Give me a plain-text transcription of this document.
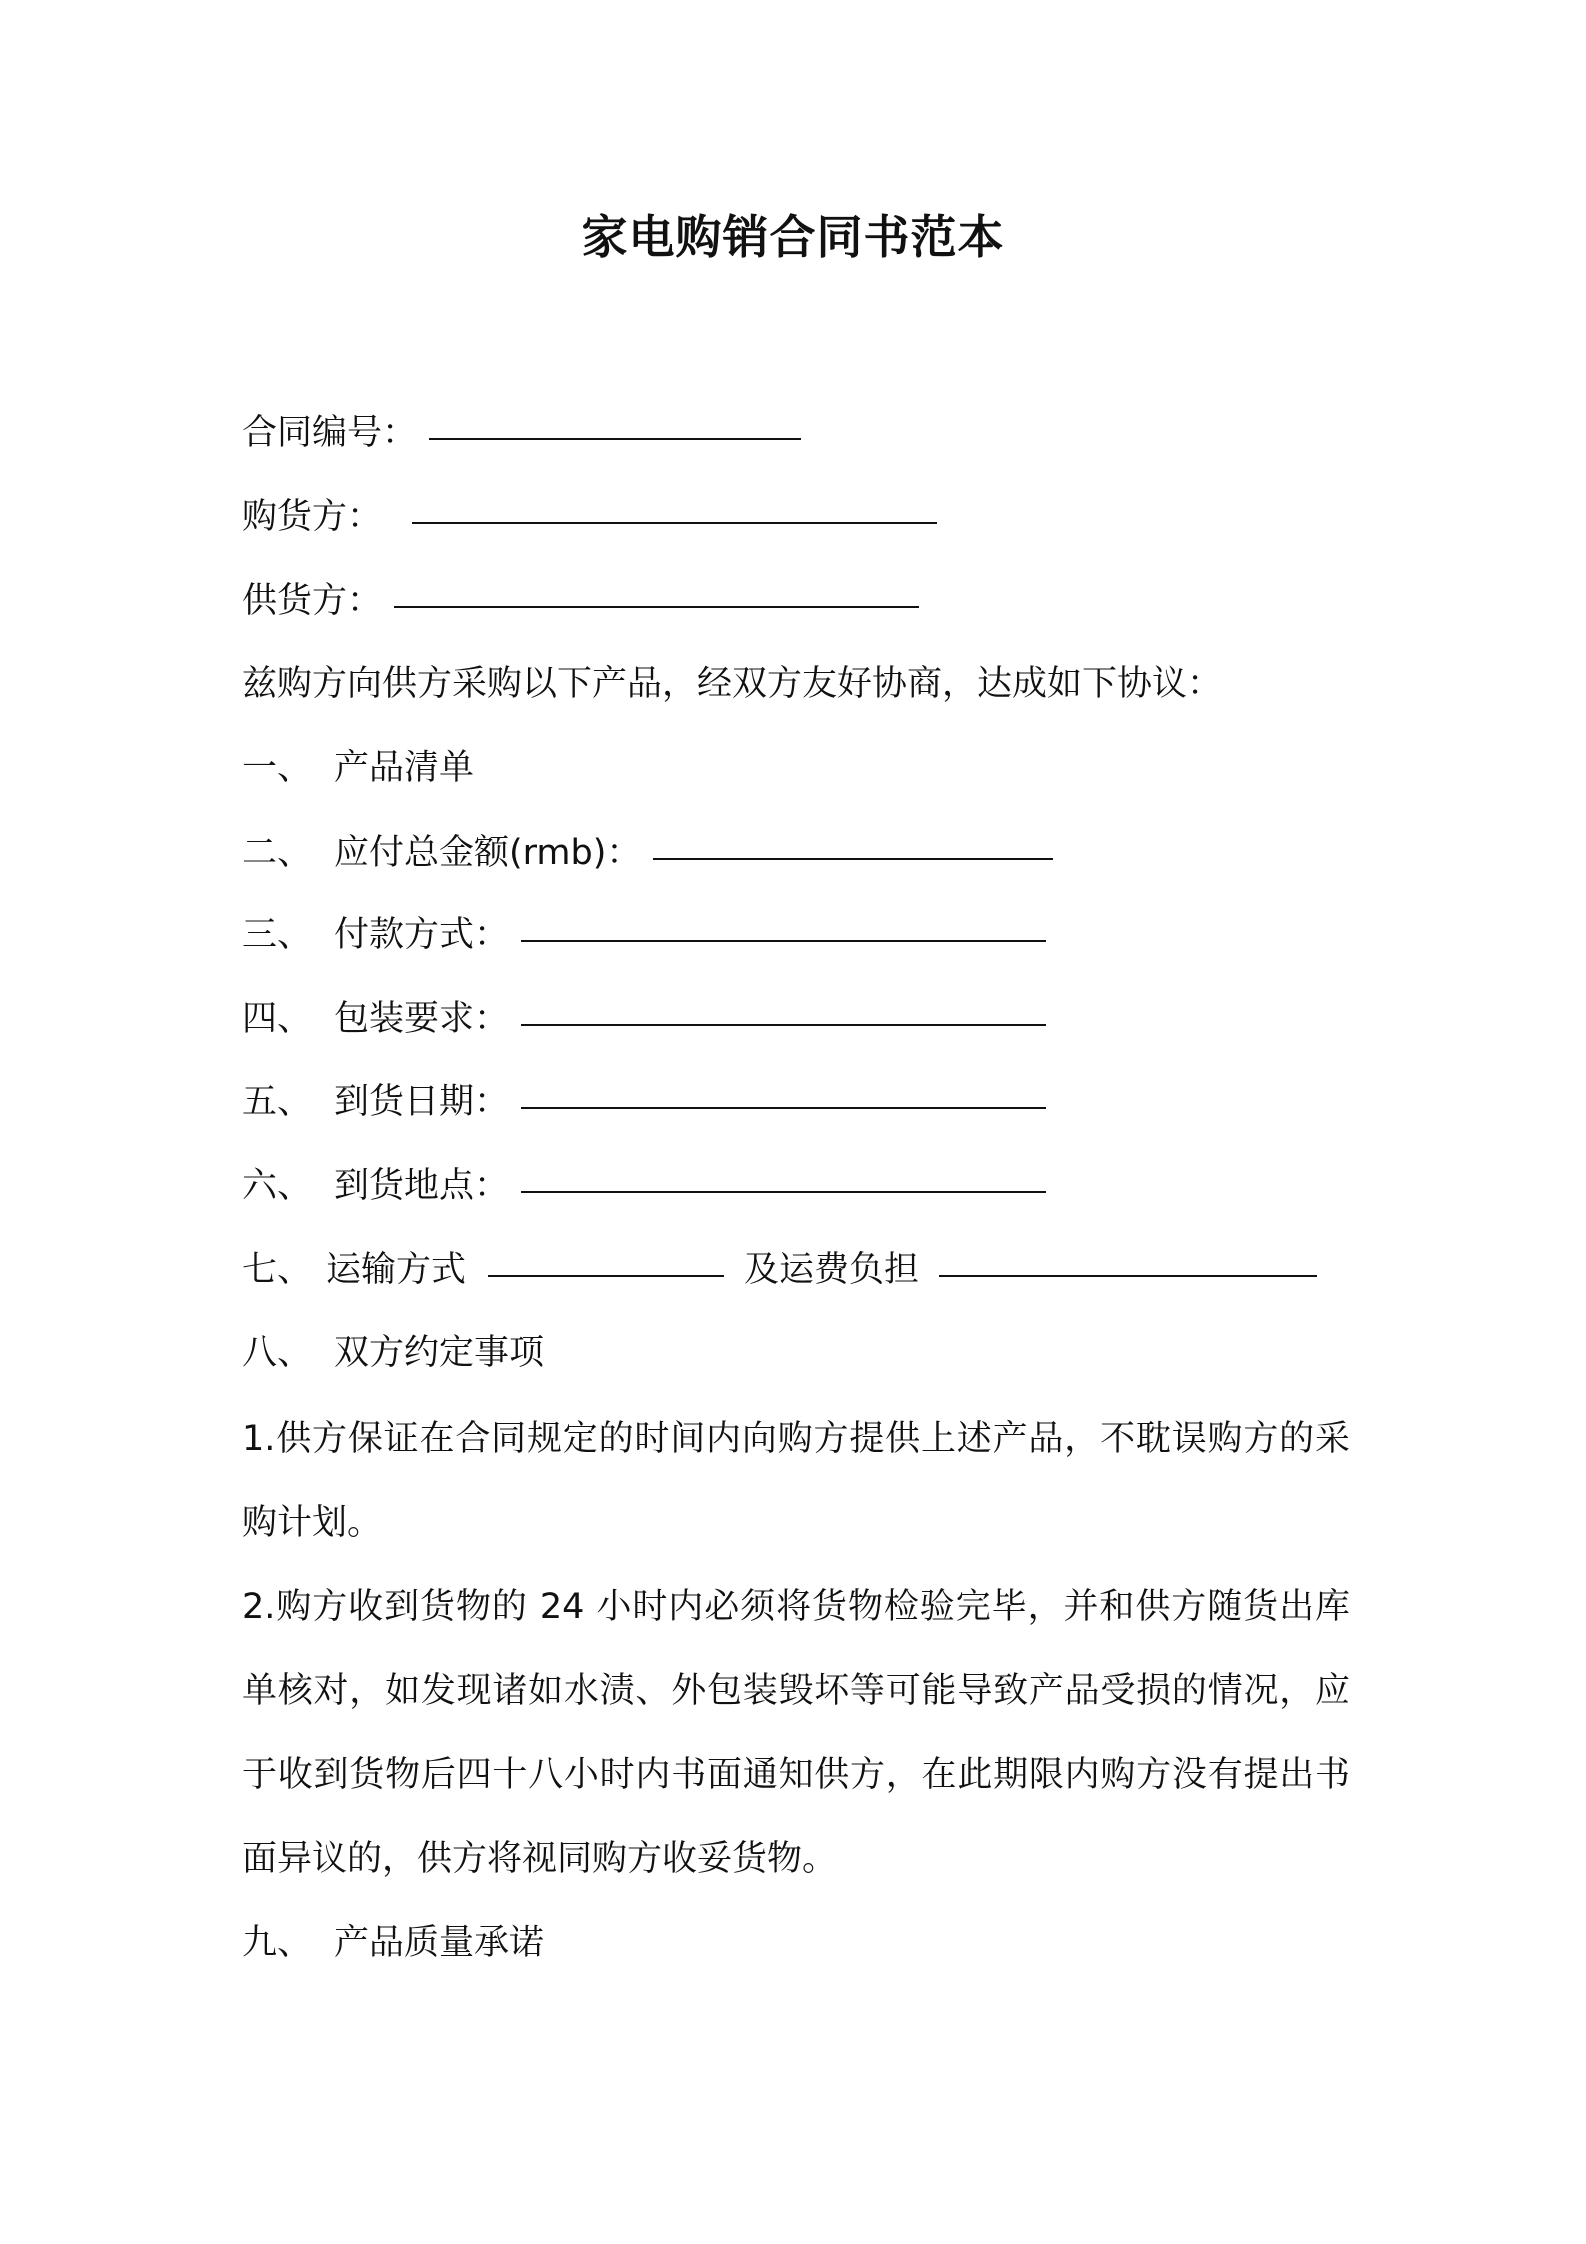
家电购销合同书范本
合同编号：
购货方：
供货方：
兹购方向供方采购以下产品，经双方友好协商，达成如下协议：
一、 产品清单
二、 应付总金额(rmb)：
三、 付款方式：
四、 包装要求：
五、 到货日期：
六、 到货地点：
七、 运输方式	及运费负担
八、 双方约定事项
1.供方保证在合同规定的时间内向购方提供上述产品，不耽误购方的采购计划。
2.购方收到货物的 24 小时内必须将货物检验完毕，并和供方随货出库单核对，如发现诸如水渍、外包装毁坏等可能导致产品受损的情况，应于收到货物后四十八小时内书面通知供方，在此期限内购方没有提出书面异议的，供方将视同购方收妥货物。
九、 产品质量承诺
